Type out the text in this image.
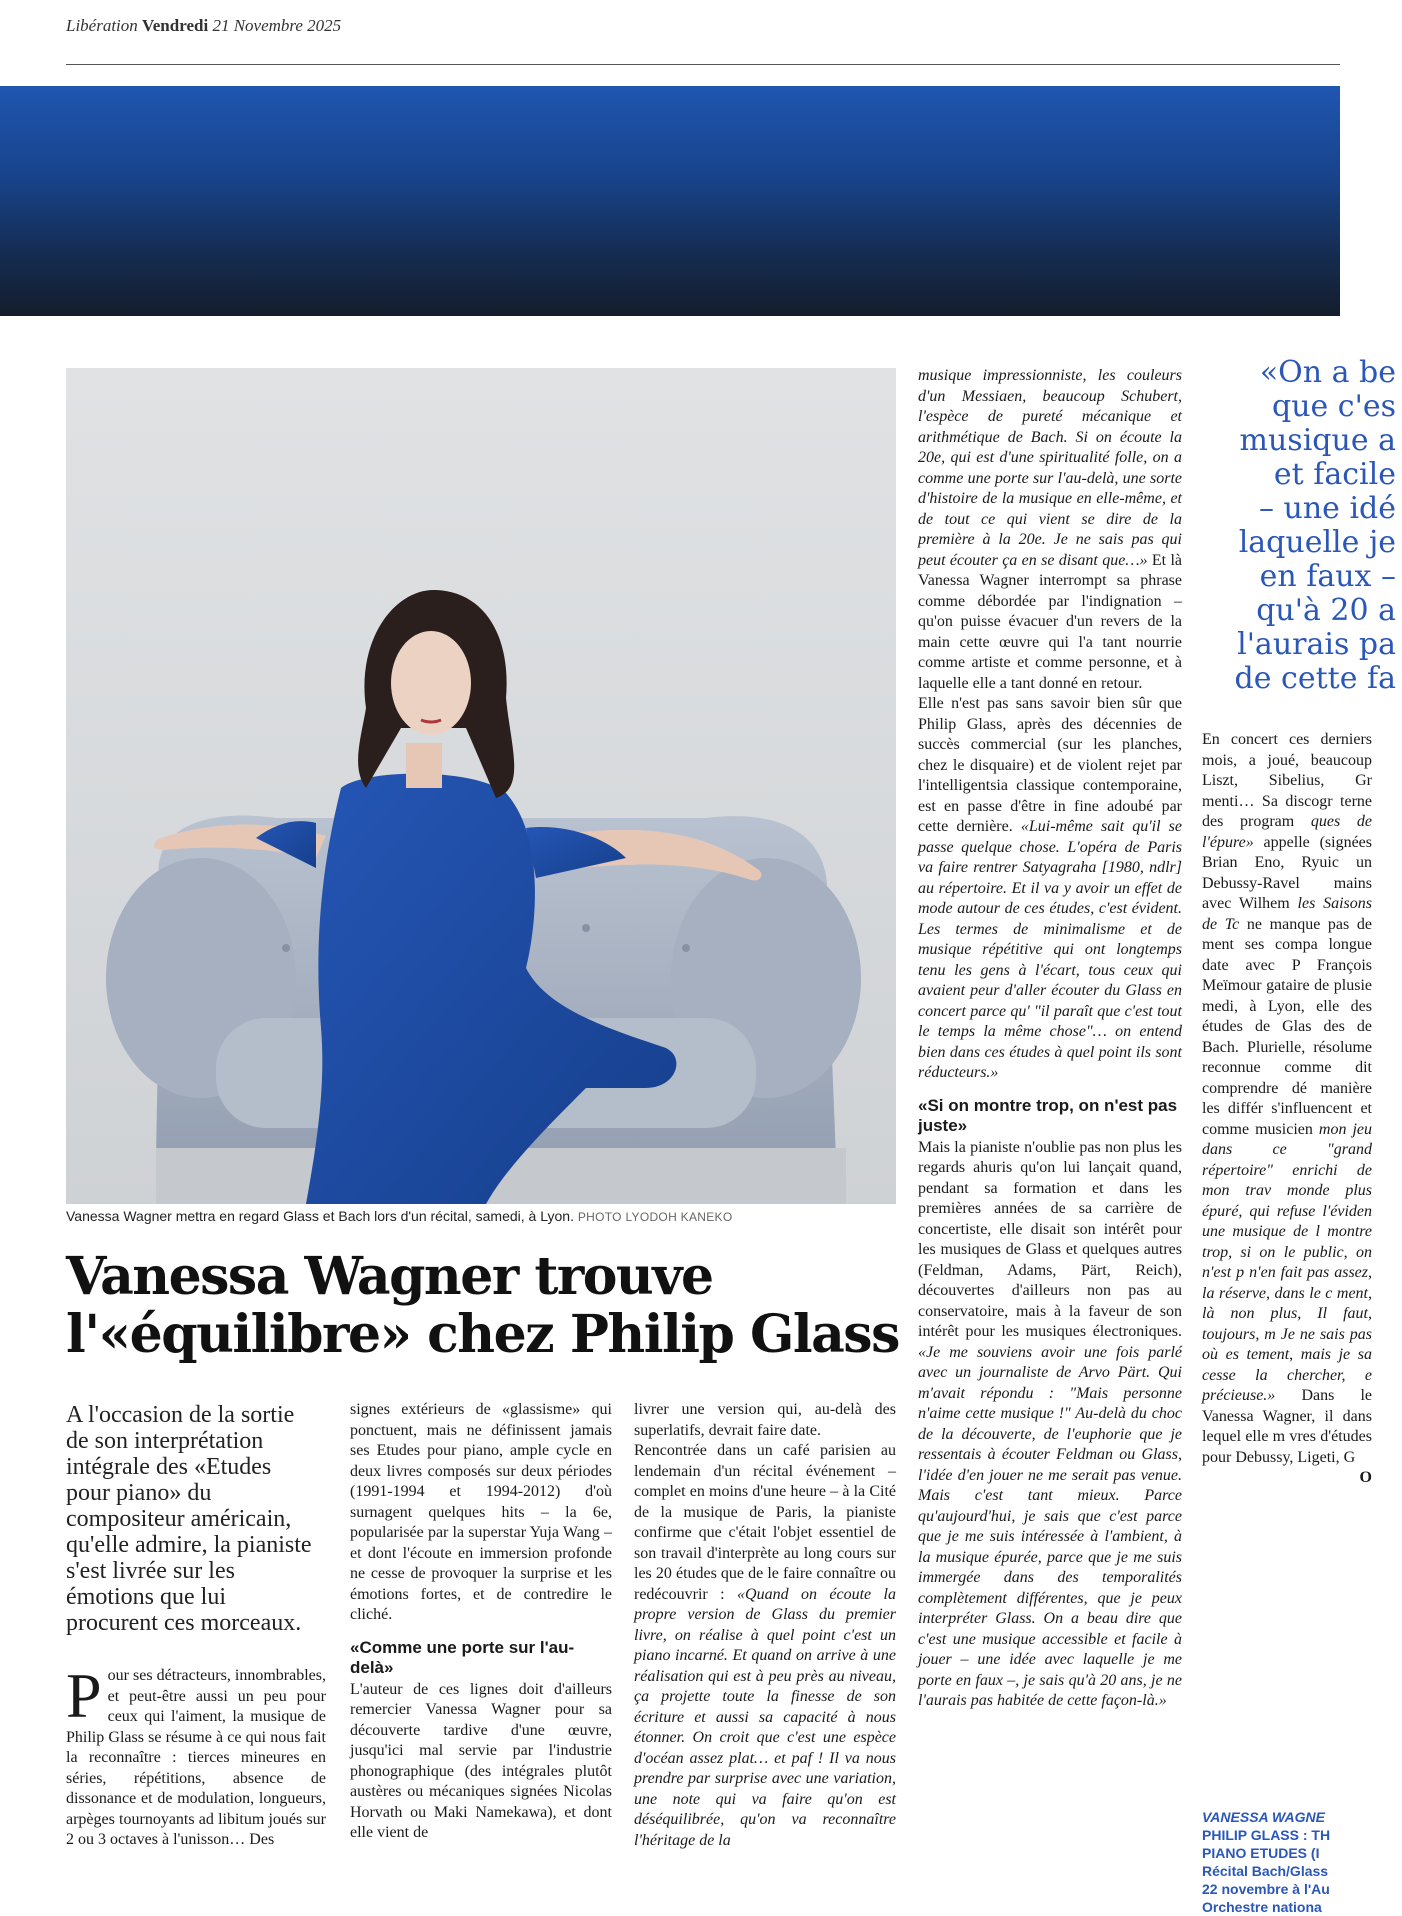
Libération Vendredi 21 Novembre 2025
Vanessa Wagner mettra en regard Glass et Bach lors d'un récital, samedi, à Lyon. PHOTO LYODOH KANEKO
Vanessa Wagner trouve l'«équilibre» chez Philip Glass
A l'occasion de la sortie de son interprétation intégrale des «Etudes pour piano» du compositeur américain, qu'elle admire, la pianiste s'est livrée sur les émotions que lui procurent ces morceaux.

Pour ses détracteurs, innombrables, et peut-être aussi un peu pour ceux qui l'aiment, la musique de Philip Glass se résume à ce qui nous fait la reconnaître : tierces mineures en séries, répétitions, absence de dissonance et de modulation, longueurs, arpèges tournoyants ad libitum joués sur 2 ou 3 octaves à l'unisson… Des

signes extérieurs de «glassisme» qui ponctuent, mais ne définissent jamais ses Etudes pour piano, ample cycle en deux livres composés sur deux périodes (1991-1994 et 1994-2012) d'où surnagent quelques hits – la 6e, popularisée par la superstar Yuja Wang – et dont l'écoute en immersion profonde ne cesse de provoquer la surprise et les émotions fortes, et de contredire le cliché.

«Comme une porte sur l'au-delà»

L'auteur de ces lignes doit d'ailleurs remercier Vanessa Wagner pour sa découverte tardive d'une œuvre, jusqu'ici mal servie par l'industrie phonographique (des intégrales plutôt austères ou mécaniques signées Nicolas Horvath ou Maki Namekawa), et dont elle vient de

livrer une version qui, au-delà des superlatifs, devrait faire date.

Rencontrée dans un café parisien au lendemain d'un récital événement – complet en moins d'une heure – à la Cité de la musique de Paris, la pianiste confirme que c'était l'objet essentiel de son travail d'interprète au long cours sur les 20 études que de le faire connaître ou redécouvrir : «Quand on écoute la propre version de Glass du premier livre, on réalise à quel point c'est un piano incarné. Et quand on arrive à une réalisation qui est à peu près au niveau, ça projette toute la finesse de son écriture et aussi sa capacité à nous étonner. On croit que c'est une espèce d'océan assez plat… et paf ! Il va nous prendre par surprise avec une variation, une note qui va faire qu'on est déséquilibrée, qu'on va reconnaître l'héritage de la

musique impressionniste, les couleurs d'un Messiaen, beaucoup Schubert, l'espèce de pureté mécanique et arithmétique de Bach. Si on écoute la 20e, qui est d'une spiritualité folle, on a comme une porte sur l'au-delà, une sorte d'histoire de la musique en elle-même, et de tout ce qui vient se dire de la première à la 20e. Je ne sais pas qui peut écouter ça en se disant que…» Et là Vanessa Wagner interrompt sa phrase comme débordée par l'indignation – qu'on puisse évacuer d'un revers de la main cette œuvre qui l'a tant nourrie comme artiste et comme personne, et à laquelle elle a tant donné en retour.

Elle n'est pas sans savoir bien sûr que Philip Glass, après des décennies de succès commercial (sur les planches, chez le disquaire) et de violent rejet par l'intelligentsia classique contemporaine, est en passe d'être in fine adoubé par cette dernière. «Lui-même sait qu'il se passe quelque chose. L'opéra de Paris va faire rentrer Satyagraha [1980, ndlr] au répertoire. Et il va y avoir un effet de mode autour de ces études, c'est évident. Les termes de minimalisme et de musique répétitive qui ont longtemps tenu les gens à l'écart, tous ceux qui avaient peur d'aller écouter du Glass en concert parce qu' "il paraît que c'est tout le temps la même chose"… on entend bien dans ces études à quel point ils sont réducteurs.»

«Si on montre trop, on n'est pas juste»

Mais la pianiste n'oublie pas non plus les regards ahuris qu'on lui lançait quand, pendant sa formation et dans les premières années de sa carrière de concertiste, elle disait son intérêt pour les musiques de Glass et quelques autres (Feldman, Adams, Pärt, Reich), découvertes d'ailleurs non pas au conservatoire, mais à la faveur de son intérêt pour les musiques électroniques. «Je me souviens avoir une fois parlé avec un journaliste de Arvo Pärt. Qui m'avait répondu : "Mais personne n'aime cette musique !" Au-delà du choc de la découverte, de l'euphorie que je ressentais à écouter Feldman ou Glass, l'idée d'en jouer ne me serait pas venue. Mais c'est tant mieux. Parce qu'aujourd'hui, je sais que c'est parce que je me suis intéressée à l'ambient, à la musique épurée, parce que je me suis immergée dans des temporalités complètement différentes, que je peux interpréter Glass. On a beau dire que c'est une musique accessible et facile à jouer – une idée avec laquelle je me porte en faux –, je sais qu'à 20 ans, je ne l'aurais pas habitée de cette façon-là.»

«On a be
que c'es
musique a
et facile
– une idé
laquelle je
en faux –
qu'à 20 a
l'aurais pa
de cette fa

En concert ces derniers mois, a joué, beaucoup Liszt, Sibelius, Gr menti… Sa discogr terne des program ques de l'épure» appelle (signées Brian Eno, Ryuic un Debussy-Ravel mains avec Wilhem les Saisons de Tc ne manque pas de ment ses compa longue date avec P François Meïmour gataire de plusie medi, à Lyon, elle des études de Glas des de Bach. Plurielle, résolume reconnue comme dit comprendre dé manière les différ s'influencent et comme musicien mon jeu dans ce "grand répertoire" enrichi de mon trav monde plus épuré, qui refuse l'éviden une musique de l montre trop, si on le public, on n'est p n'en fait pas assez, la réserve, dans le c ment, là non plus, Il faut, toujours, m Je ne sais pas où es tement, mais je sa cesse la chercher, e précieuse.» Dans le Vanessa Wagner, il dans lequel elle m vres d'études pour Debussy, Ligeti, G

O

VANESSA WAGNE
PHILIP GLASS : TH
PIANO ETUDES (I
Récital Bach/Glass
22 novembre à l'Au
Orchestre nationa
